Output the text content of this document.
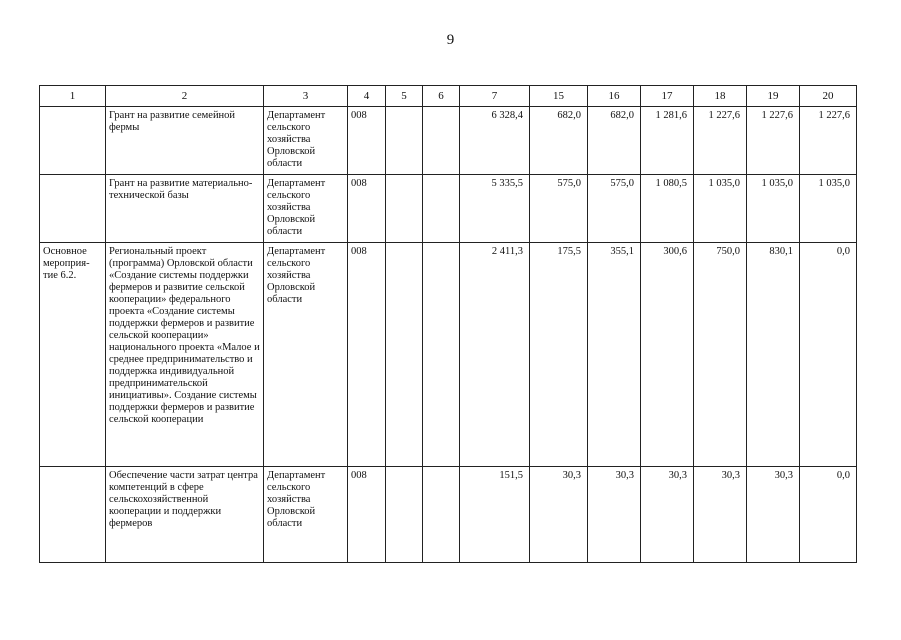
9
1	2	3	4	5	6	7	15	16	17	18	19	20
	Грант на развитие семейной фермы	Департамент сельского хозяйства Орловской области	008			6 328,4	682,0	682,0	1 281,6	1 227,6	1 227,6	1 227,6
	Грант на развитие материально-технической базы	Департамент сельского хозяйства Орловской области	008			5 335,5	575,0	575,0	1 080,5	1 035,0	1 035,0	1 035,0
Основное мероприя-тие 6.2.	Региональный проект (программа) Орловской области «Создание системы поддержки фермеров и развитие сельской кооперации» федерального проекта «Создание системы поддержки фермеров и развитие сельской кооперации» национального проекта «Малое и среднее предпринимательство и поддержка индивидуальной предпринимательской инициативы». Создание системы поддержки фермеров и развитие сельской кооперации	Департамент сельского хозяйства Орловской области	008			2 411,3	175,5	355,1	300,6	750,0	830,1	0,0
	Обеспечение части затрат центра компетенций в сфере сельскохозяйственной кооперации и поддержки фермеров	Департамент сельского хозяйства Орловской области	008			151,5	30,3	30,3	30,3	30,3	30,3	0,0
